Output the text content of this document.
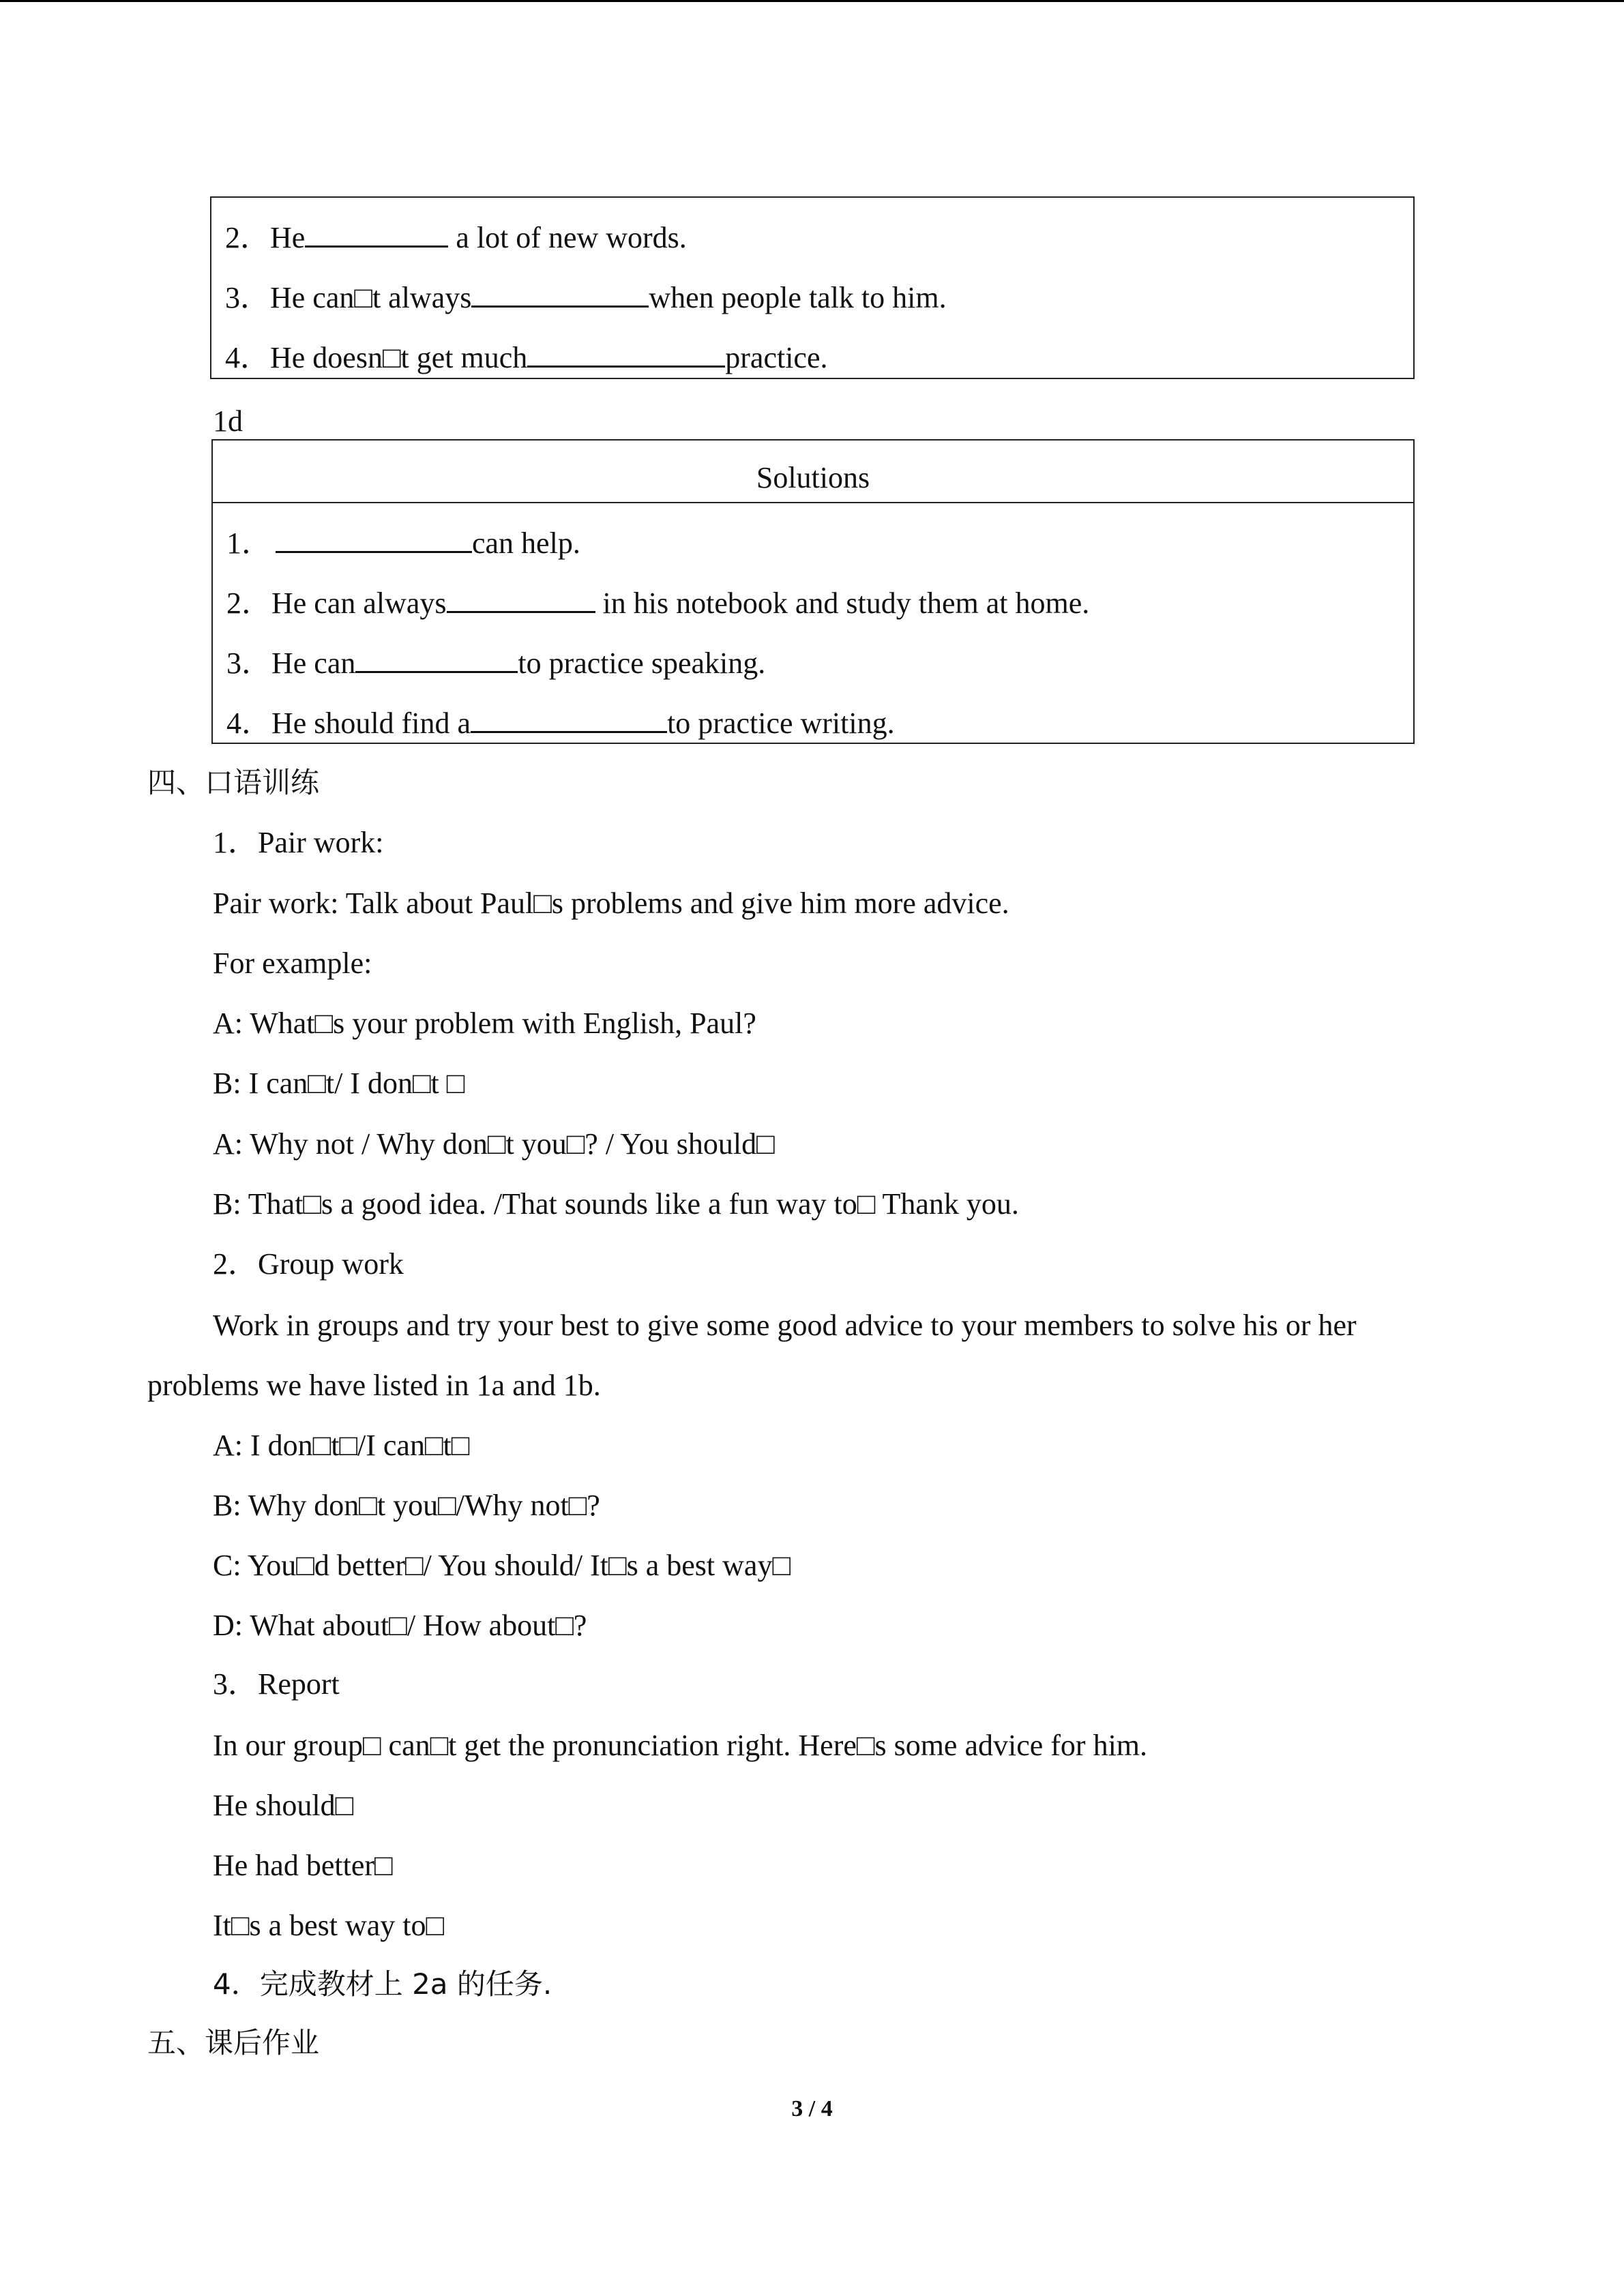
2．He	a lot of new words.
3．He can□t always	when people talk to him.
4．He doesn□t get much	practice.
1d
Solutions
1．	can help.
2．He can always	in his notebook and study them at home.
3．He can	to practice speaking.
4．He should find a	to practice writing.
四、口语训练
1．Pair work:
Pair work: Talk about Paul□s problems and give him more advice.
For example:
A: What□s your problem with English, Paul?
B: I can□t/ I don□t □
A: Why not / Why don□t you□? / You should□
B: That□s a good idea. /That sounds like a fun way to□ Thank you.
2．Group work
Work in groups and try your best to give some good advice to your members to solve his or her
problems we have listed in 1a and 1b.
A: I don□t□/I can□t□
B: Why don□t you□/Why not□?
C: You□d better□/ You should/ It□s a best way□
D: What about□/ How about□?
3．Report
In our group□ can□t get the pronunciation right. Here□s some advice for him.
He should□
He had better□
It□s a best way to□
4．完成教材上 2a 的任务.
五、课后作业
3 / 4
